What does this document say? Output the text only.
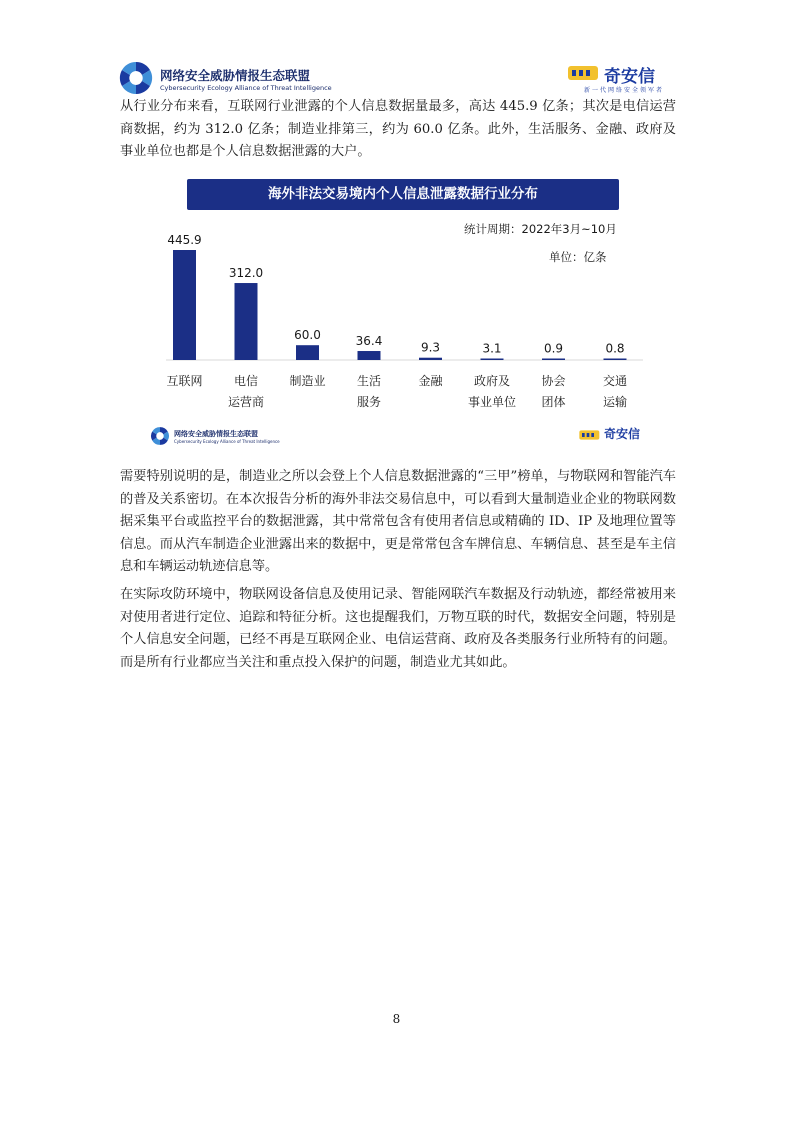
网络安全威胁情报生态联盟
Cybersecurity Ecology Alliance of Threat Intelligence
奇安信
新一代网络安全领军者

从行业分布来看，互联网行业泄露的个人信息数据量最多，高达 445.9 亿条；其次是电信运营商数据，约为 312.0 亿条；制造业排第三，约为 60.0 亿条。此外，生活服务、金融、政府及事业单位也都是个人信息数据泄露的大户。

445.9
互联网
312.0
电信
运营商
60.0
制造业
36.4
生活
服务
9.3
金融
3.1
政府及
事业单位
0.9
协会
团体
0.8
交通
运输
海外非法交易境内个人信息泄露数据行业分布
统计周期：2022年3月~10月
单位：亿条
网络安全威胁情报生态联盟
Cybersecurity Ecology Alliance of Threat Intelligence
奇安信

需要特别说明的是，制造业之所以会登上个人信息数据泄露的“三甲”榜单，与物联网和智能汽车的普及关系密切。在本次报告分析的海外非法交易信息中，可以看到大量制造业企业的物联网数据采集平台或监控平台的数据泄露，其中常常包含有使用者信息或精确的 ID、IP 及地理位置等信息。而从汽车制造企业泄露出来的数据中，更是常常包含车牌信息、车辆信息、甚至是车主信息和车辆运动轨迹信息等。

在实际攻防环境中，物联网设备信息及使用记录、智能网联汽车数据及行动轨迹，都经常被用来对使用者进行定位、追踪和特征分析。这也提醒我们，万物互联的时代，数据安全问题，特别是个人信息安全问题，已经不再是互联网企业、电信运营商、政府及各类服务行业所特有的问题。而是所有行业都应当关注和重点投入保护的问题，制造业尤其如此。

8
